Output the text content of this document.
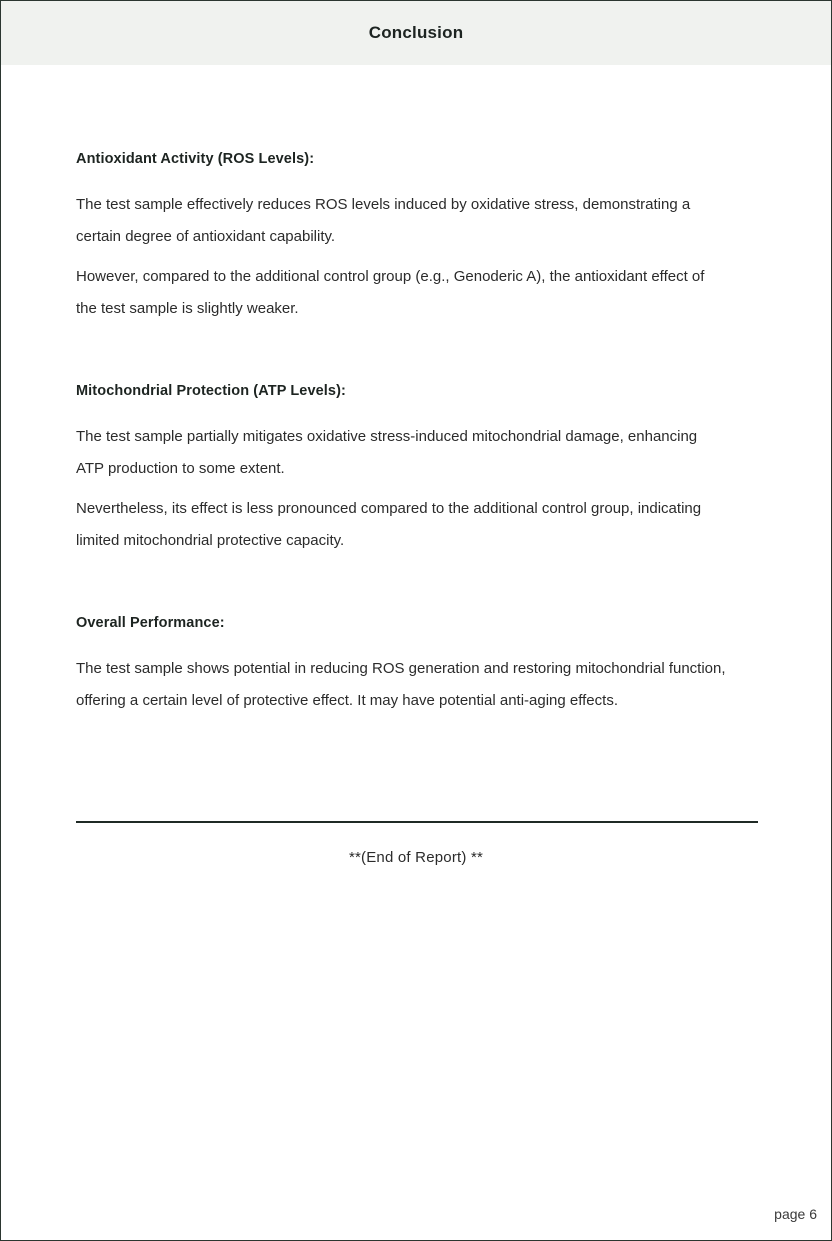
Conclusion
Antioxidant Activity (ROS Levels):

The test sample effectively reduces ROS levels induced by oxidative stress, demonstrating a certain degree of antioxidant capability.

However, compared to the additional control group (e.g., Genoderic A), the antioxidant effect of the test sample is slightly weaker.

Mitochondrial Protection (ATP Levels):

The test sample partially mitigates oxidative stress-induced mitochondrial damage, enhancing ATP production to some extent.

Nevertheless, its effect is less pronounced compared to the additional control group, indicating limited mitochondrial protective capacity.

Overall Performance:

The test sample shows potential in reducing ROS generation and restoring mitochondrial function, offering a certain level of protective effect. It may have potential anti-aging effects.

**(End of Report) **
page 6
